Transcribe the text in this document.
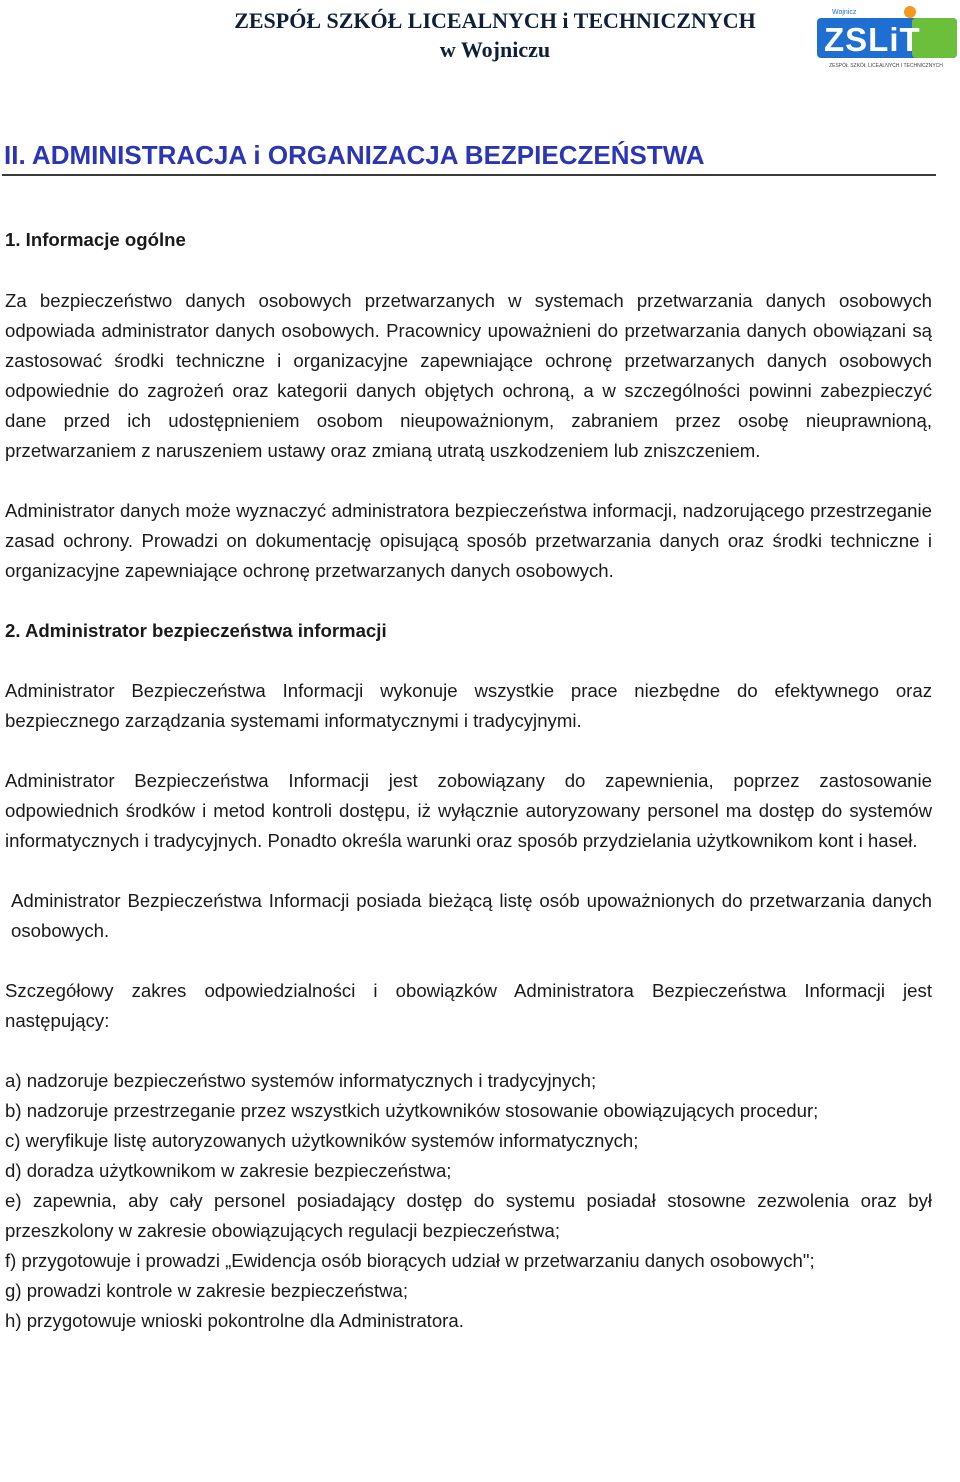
ZESPÓŁ SZKÓŁ LICEALNYCH i TECHNICZNYCH
w Wojniczu
Wojnicz
ZSLiT
ZESPÓŁ SZKÓŁ LICEALNYCH I TECHNICZNYCH
II. ADMINISTRACJA i ORGANIZACJA BEZPIECZEŃSTWA

1. Informacje ogólne

Za bezpieczeństwo danych osobowych przetwarzanych w systemach przetwarzania danych osobowych odpowiada administrator danych osobowych. Pracownicy upoważnieni do przetwarzania danych obowiązani są zastosować środki techniczne i organizacyjne zapewniające ochronę przetwarzanych danych osobowych odpowiednie do zagrożeń oraz kategorii danych objętych ochroną, a w szczególności powinni zabezpieczyć dane przed ich udostępnieniem osobom nieupoważnionym, zabraniem przez osobę nieuprawnioną, przetwarzaniem z naruszeniem ustawy oraz zmianą utratą uszkodzeniem lub zniszczeniem.

Administrator danych może wyznaczyć administratora bezpieczeństwa informacji, nadzorującego przestrzeganie zasad ochrony. Prowadzi on dokumentację opisującą sposób przetwarzania danych oraz środki techniczne i organizacyjne zapewniające ochronę przetwarzanych danych osobowych.

2. Administrator bezpieczeństwa informacji

Administrator Bezpieczeństwa Informacji wykonuje wszystkie prace niezbędne do efektywnego oraz bezpiecznego zarządzania systemami informatycznymi i tradycyjnymi.

Administrator Bezpieczeństwa Informacji jest zobowiązany do zapewnienia, poprzez zastosowanie odpowiednich środków i metod kontroli dostępu, iż wyłącznie autoryzowany personel ma dostęp do systemów informatycznych i tradycyjnych. Ponadto określa warunki oraz sposób przydzielania użytkownikom kont i haseł.

Administrator Bezpieczeństwa Informacji posiada bieżącą listę osób upoważnionych do przetwarzania danych osobowych.

Szczegółowy zakres odpowiedzialności i obowiązków Administratora Bezpieczeństwa Informacji jest następujący:

a) nadzoruje bezpieczeństwo systemów informatycznych i tradycyjnych;

b) nadzoruje przestrzeganie przez wszystkich użytkowników stosowanie obowiązujących procedur;

c) weryfikuje listę autoryzowanych użytkowników systemów informatycznych;

d) doradza użytkownikom w zakresie bezpieczeństwa;

e) zapewnia, aby cały personel posiadający dostęp do systemu posiadał stosowne zezwolenia oraz był przeszkolony w zakresie obowiązujących regulacji bezpieczeństwa;

f) przygotowuje i prowadzi „Ewidencja osób biorących udział w przetwarzaniu danych osobowych";

g) prowadzi kontrole w zakresie bezpieczeństwa;

h) przygotowuje wnioski pokontrolne dla Administratora.
